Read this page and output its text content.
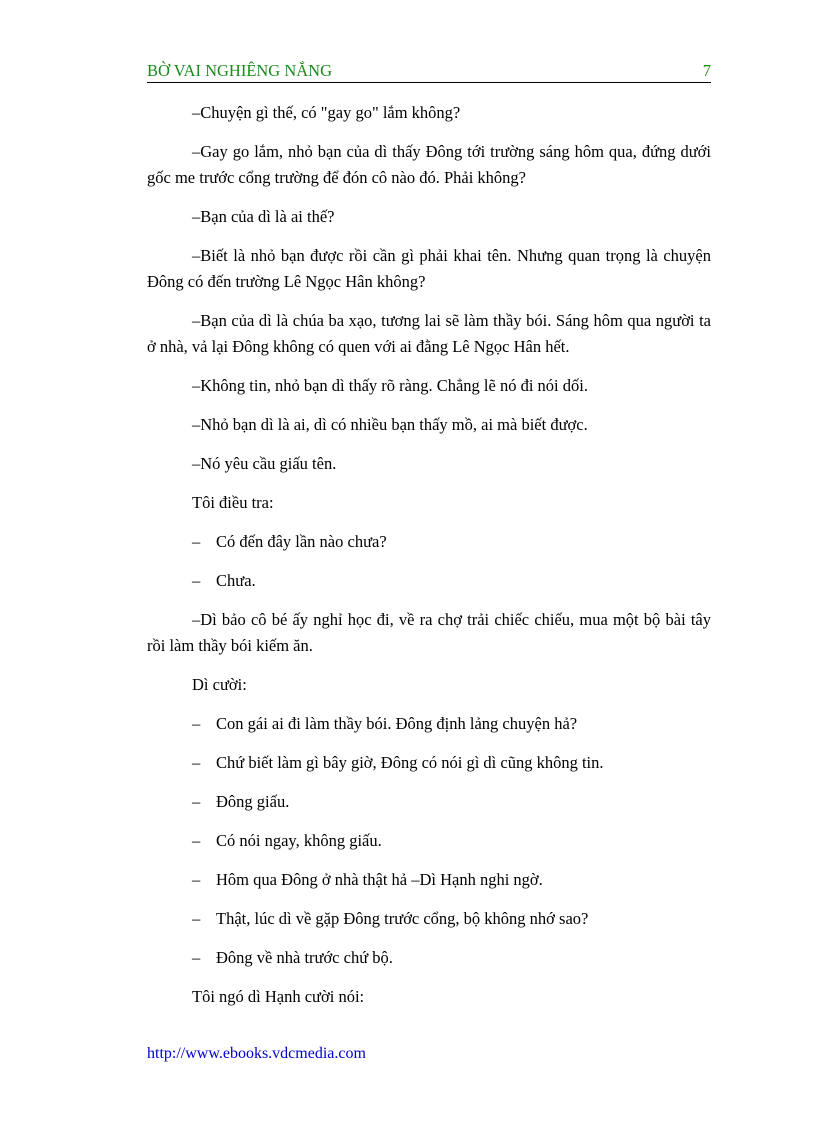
BỜ VAI NGHIÊNG NẮNG	7

–Chuyện gì thế, có "gay go" lắm không?

–Gay go lắm, nhỏ bạn của dì thấy Đông tới trường sáng hôm qua, đứng dưới gốc me trước cổng trường để đón cô nào đó. Phải không?

–Bạn của dì là ai thế?

–Biết là nhỏ bạn được rồi cần gì phải khai tên. Nhưng quan trọng là chuyện Đông có đến trường Lê Ngọc Hân không?

–Bạn của dì là chúa ba xạo, tương lai sẽ làm thầy bói. Sáng hôm qua người ta ở nhà, vả lại Đông không có quen với ai đằng Lê Ngọc Hân hết.

–Không tin, nhỏ bạn dì thấy rõ ràng. Chẳng lẽ nó đi nói dối.

–Nhỏ bạn dì là ai, dì có nhiều bạn thấy mồ, ai mà biết được.

–Nó yêu cầu giấu tên.

Tôi điều tra:

– Có đến đây lần nào chưa?

– Chưa.

–Dì bảo cô bé ấy nghỉ học đi, về ra chợ trải chiếc chiếu, mua một bộ bài tây rồi làm thầy bói kiếm ăn.

Dì cười:

– Con gái ai đi làm thầy bói. Đông định lảng chuyện hả?

– Chứ biết làm gì bây giờ, Đông có nói gì dì cũng không tin.

– Đông giấu.

– Có nói ngay, không giấu.

– Hôm qua Đông ở nhà thật hả –Dì Hạnh nghi ngờ.

– Thật, lúc dì về gặp Đông trước cổng, bộ không nhớ sao?

– Đông về nhà trước chứ bộ.

Tôi ngó dì Hạnh cười nói:

http://www.ebooks.vdcmedia.com
